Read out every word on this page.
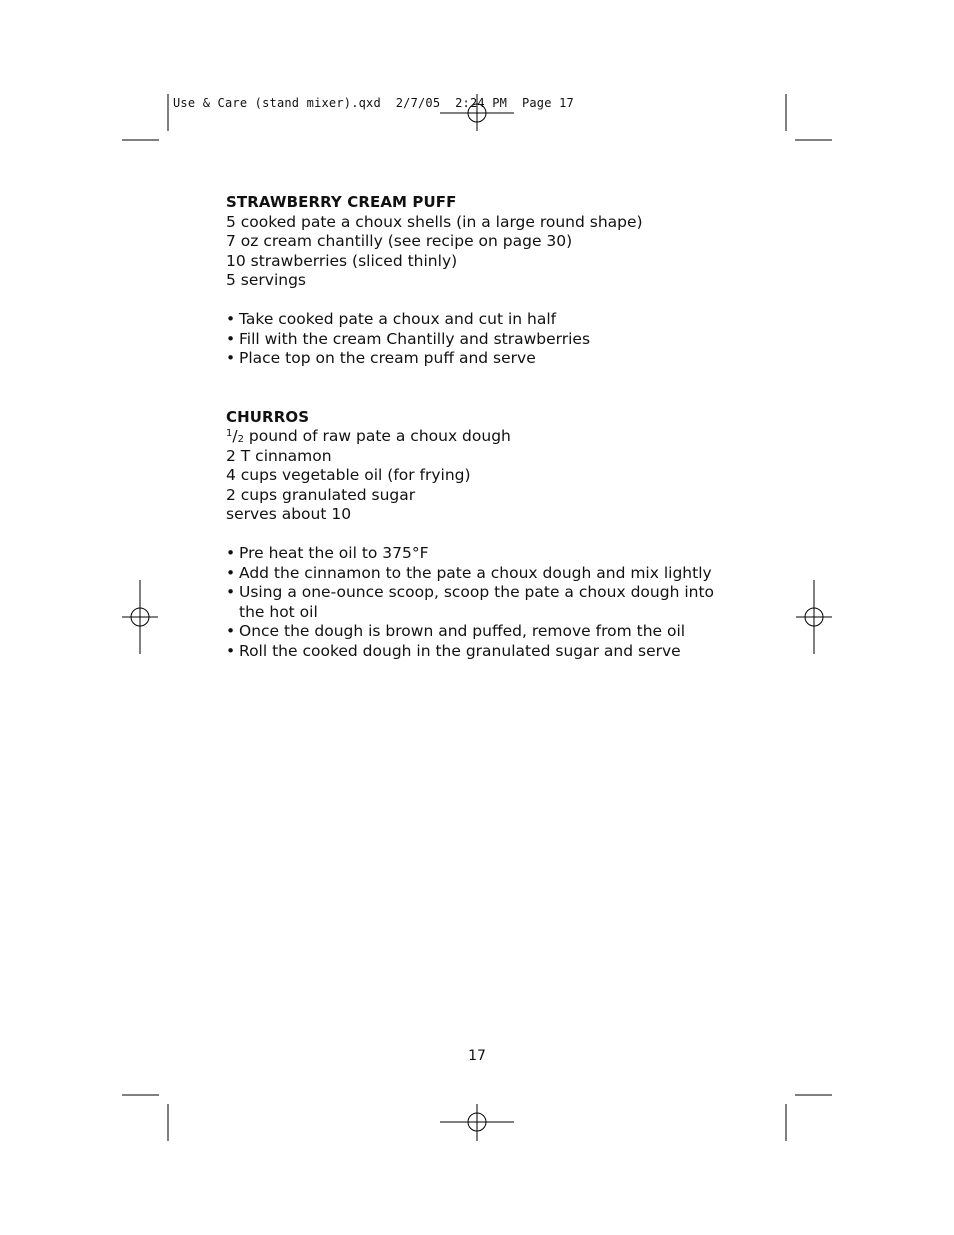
Use & Care (stand mixer).qxd  2/7/05  2:24 PM  Page 17
STRAWBERRY CREAM PUFF

5 cooked pate a choux shells (in a large round shape)

7 oz cream chantilly (see recipe on page 30)

10 strawberries (sliced thinly)

5 servings

• Take cooked pate a choux and cut in half
• Fill with the cream Chantilly and strawberries
• Place top on the cream puff and serve
CHURROS

$^1/_2$ pound of raw pate a choux dough

2 T cinnamon

4 cups vegetable oil (for frying)

2 cups granulated sugar

serves about 10

• Pre heat the oil to 375°F
• Add the cinnamon to the pate a choux dough and mix lightly
• Using a one-ounce scoop, scoop the pate a choux dough into the hot oil
• Once the dough is brown and puffed, remove from the oil
• Roll the cooked dough in the granulated sugar and serve
17
